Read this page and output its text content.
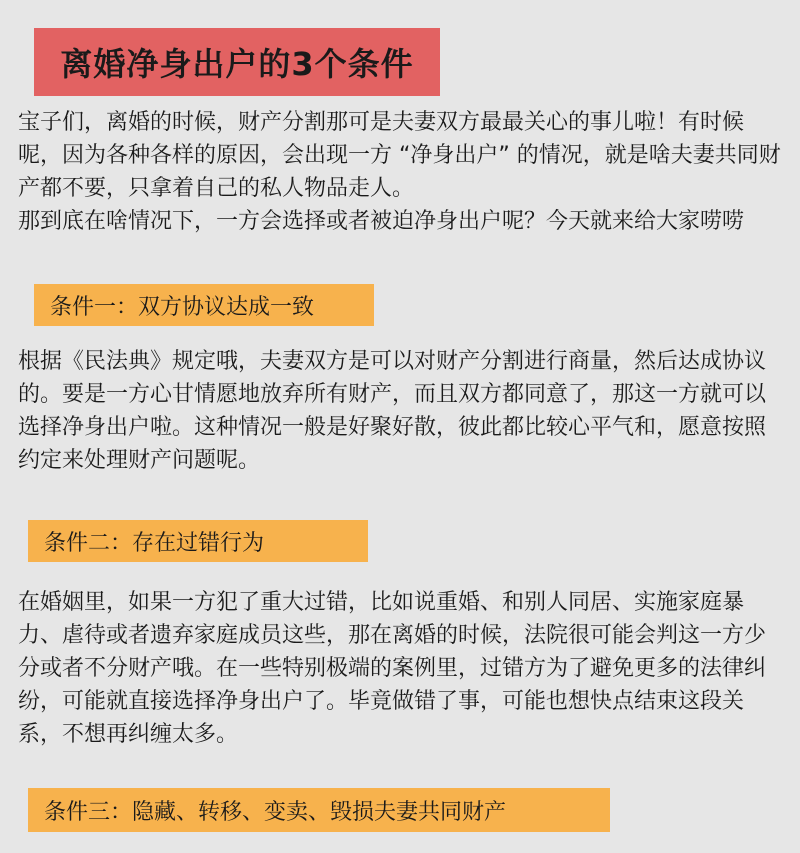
离婚净身出户的3个条件

宝子们，离婚的时候，财产分割那可是夫妻双方最最关心的事儿啦！有时候呢，因为各种各样的原因，会出现一方 “净身出户” 的情况，就是啥夫妻共同财产都不要，只拿着自己的私人物品走人。

那到底在啥情况下，一方会选择或者被迫净身出户呢？今天就来给大家唠唠

条件一：双方协议达成一致

根据《民法典》规定哦，夫妻双方是可以对财产分割进行商量，然后达成协议的。要是一方心甘情愿地放弃所有财产，而且双方都同意了，那这一方就可以选择净身出户啦。这种情况一般是好聚好散，彼此都比较心平气和，愿意按照约定来处理财产问题呢。

条件二：存在过错行为

在婚姻里，如果一方犯了重大过错，比如说重婚、和别人同居、实施家庭暴力、虐待或者遗弃家庭成员这些，那在离婚的时候，法院很可能会判这一方少分或者不分财产哦。在一些特别极端的案例里，过错方为了避免更多的法律纠纷，可能就直接选择净身出户了。毕竟做错了事，可能也想快点结束这段关系，不想再纠缠太多。

条件三：隐藏、转移、变卖、毁损夫妻共同财产
